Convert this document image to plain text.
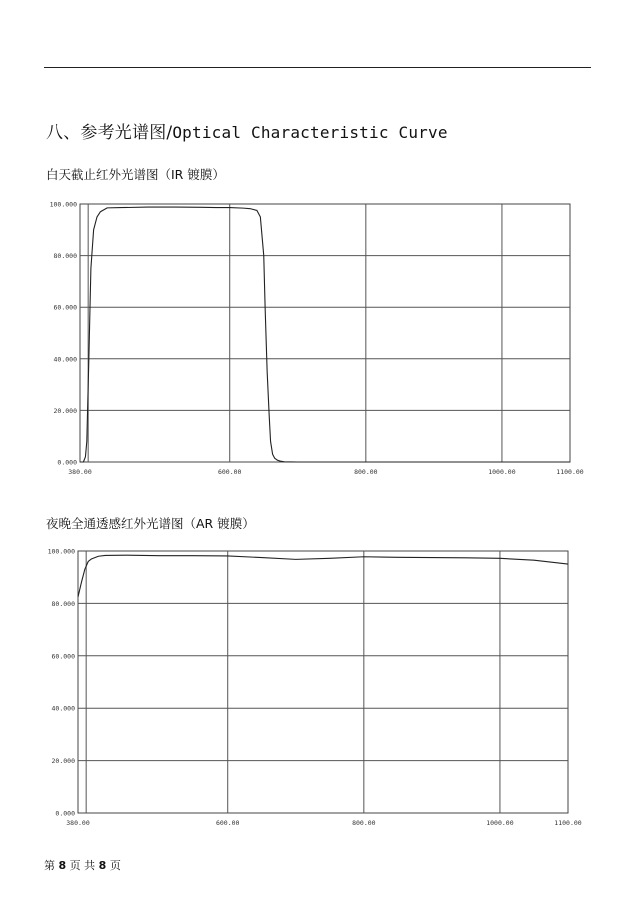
八、参考光谱图/Optical Characteristic Curve
白天截止红外光谱图（IR 镀膜）
380.00	600.00	800.00	1000.00	1100.00
0.000
20.000
40.000
60.000
80.000
100.000
夜晚全通透感红外光谱图（AR 镀膜）
380.00	600.00	800.00	1000.00	1100.00
0.000
20.000
40.000
60.000
80.000
100.000
第 8 页 共 8 页
